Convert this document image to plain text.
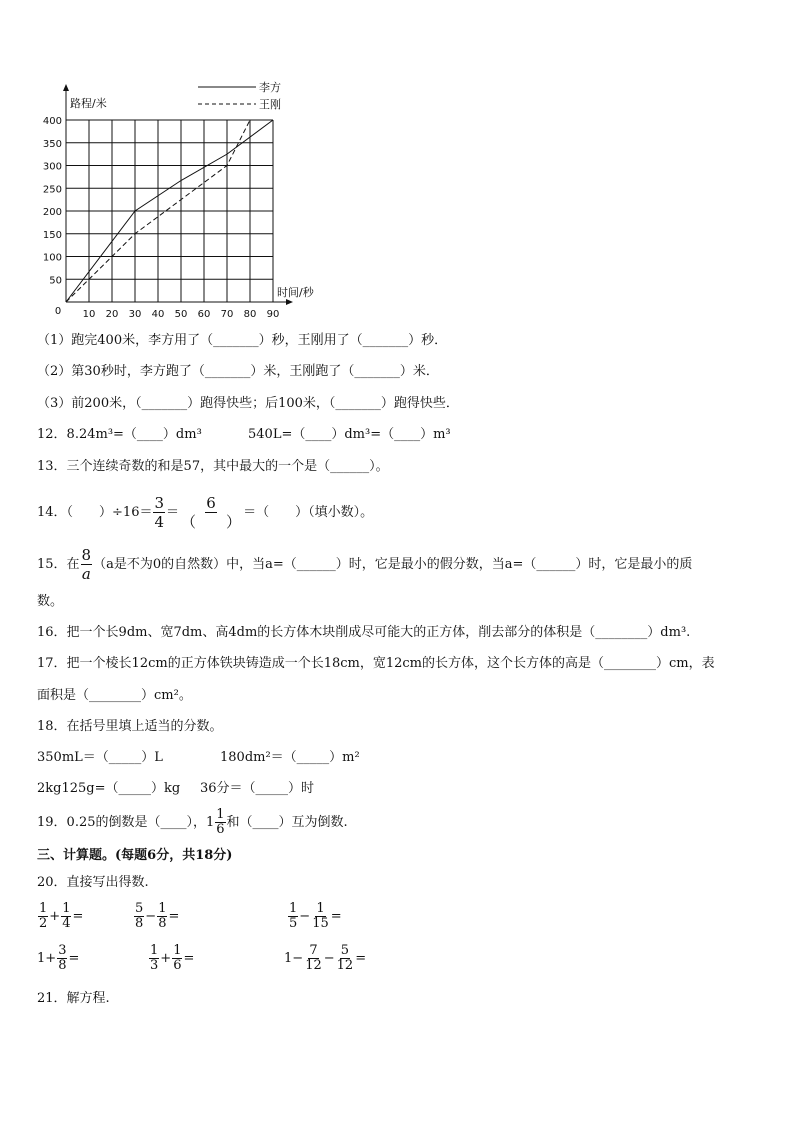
10 20 30 40 50 60 70 80 90
50
100
150
200
250
300
350
400
0
路程/米
时间/秒
李方
王刚
（1）跑完400米，李方用了（_______）秒，王刚用了（_______）秒．
（2）第30秒时，李方跑了（_______）米，王刚跑了（_______）米．
（3）前200米，（_______）跑得快些；后100米，（_______）跑得快些．
12．8.24m³=（____）dm³	540L=（____）dm³=（____）m³
13．三个连续奇数的和是57，其中最大的一个是（______）。
14．（　　）$\div 16= \frac{3}{4} = \frac{6}{( )}$ ＝（　　）（填小数）。
15．在 $\frac{8}{a} (a$是不为0的自然数）中，当a=（______）时，它是最小的假分数，当a=（______）时，它是最小的质
数。
16．把一个长9dm、宽7dm、高4dm的长方体木块削成尽可能大的正方体，削去部分的体积是（________）dm³.
17．把一个棱长12cm的正方体铁块铸造成一个长18cm，宽12cm的长方体，这个长方体的高是（________）cm，表
面积是（________）cm²。
18．在括号里填上适当的分数。
350mL＝（_____）L	180dm²＝（_____）m²
2kg125g=（_____）kg 36分＝（_____）时
19．0.25的倒数是（____），$1 \frac{1}{6}$ 和（____）互为倒数.
三、计算题。(每题6分，共18分)
20．直接写出得数.
$\frac{1}{2} + \frac{1}{4}$ =	$\frac{5}{8} - \frac{1}{8}$ =	$\frac{1}{5} - \frac{1}{15}$ =
$1 + \frac{3}{8}$ =	$\frac{1}{3} + \frac{1}{6}$ =	$1 - \frac{7}{12} - \frac{5}{12}$ =
21．解方程.
